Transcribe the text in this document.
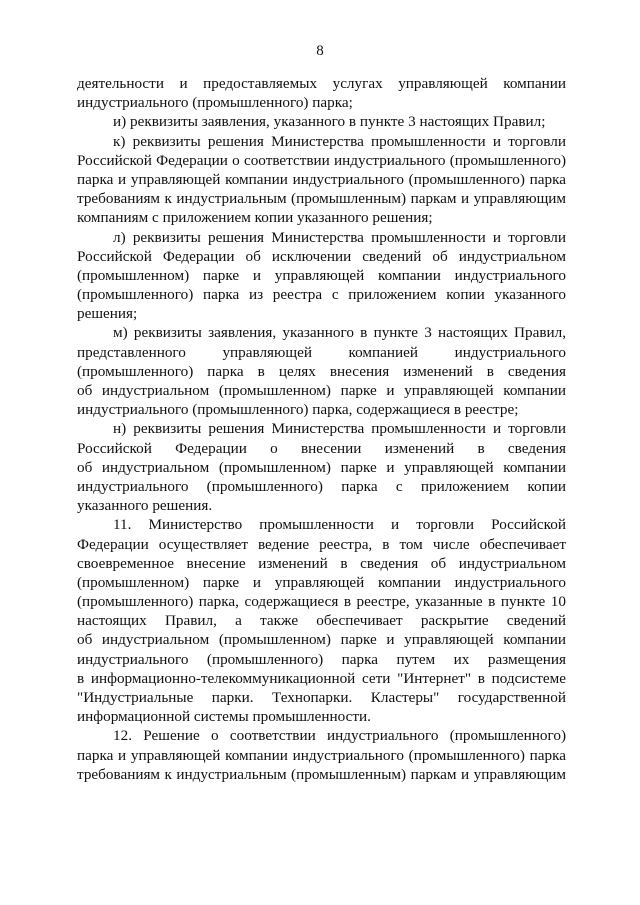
8
деятельности и предоставляемых услугах управляющей компании
индустриального (промышленного) парка;
и) реквизиты заявления, указанного в пункте 3 настоящих Правил;
к) реквизиты решения Министерства промышленности и торговли
Российской Федерации о соответствии индустриального (промышленного)
парка и управляющей компании индустриального (промышленного) парка
требованиям к индустриальным (промышленным) паркам и управляющим
компаниям с приложением копии указанного решения;
л) реквизиты решения Министерства промышленности и торговли
Российской Федерации об исключении сведений об индустриальном
(промышленном) парке и управляющей компании индустриального
(промышленного) парка из реестра с приложением копии указанного
решения;
м) реквизиты заявления, указанного в пункте 3 настоящих Правил,
представленного управляющей компанией индустриального
(промышленного) парка в целях внесения изменений в сведения
об индустриальном (промышленном) парке и управляющей компании
индустриального (промышленного) парка, содержащиеся в реестре;
н) реквизиты решения Министерства промышленности и торговли
Российской Федерации о внесении изменений в сведения
об индустриальном (промышленном) парке и управляющей компании
индустриального (промышленного) парка с приложением копии
указанного решения.
11. Министерство промышленности и торговли Российской
Федерации осуществляет ведение реестра, в том числе обеспечивает
своевременное внесение изменений в сведения об индустриальном
(промышленном) парке и управляющей компании индустриального
(промышленного) парка, содержащиеся в реестре, указанные в пункте 10
настоящих Правил, а также обеспечивает раскрытие сведений
об индустриальном (промышленном) парке и управляющей компании
индустриального (промышленного) парка путем их размещения
в информационно-телекоммуникационной сети "Интернет" в подсистеме
"Индустриальные парки. Технопарки. Кластеры" государственной
информационной системы промышленности.
12. Решение о соответствии индустриального (промышленного)
парка и управляющей компании индустриального (промышленного) парка
требованиям к индустриальным (промышленным) паркам и управляющим
